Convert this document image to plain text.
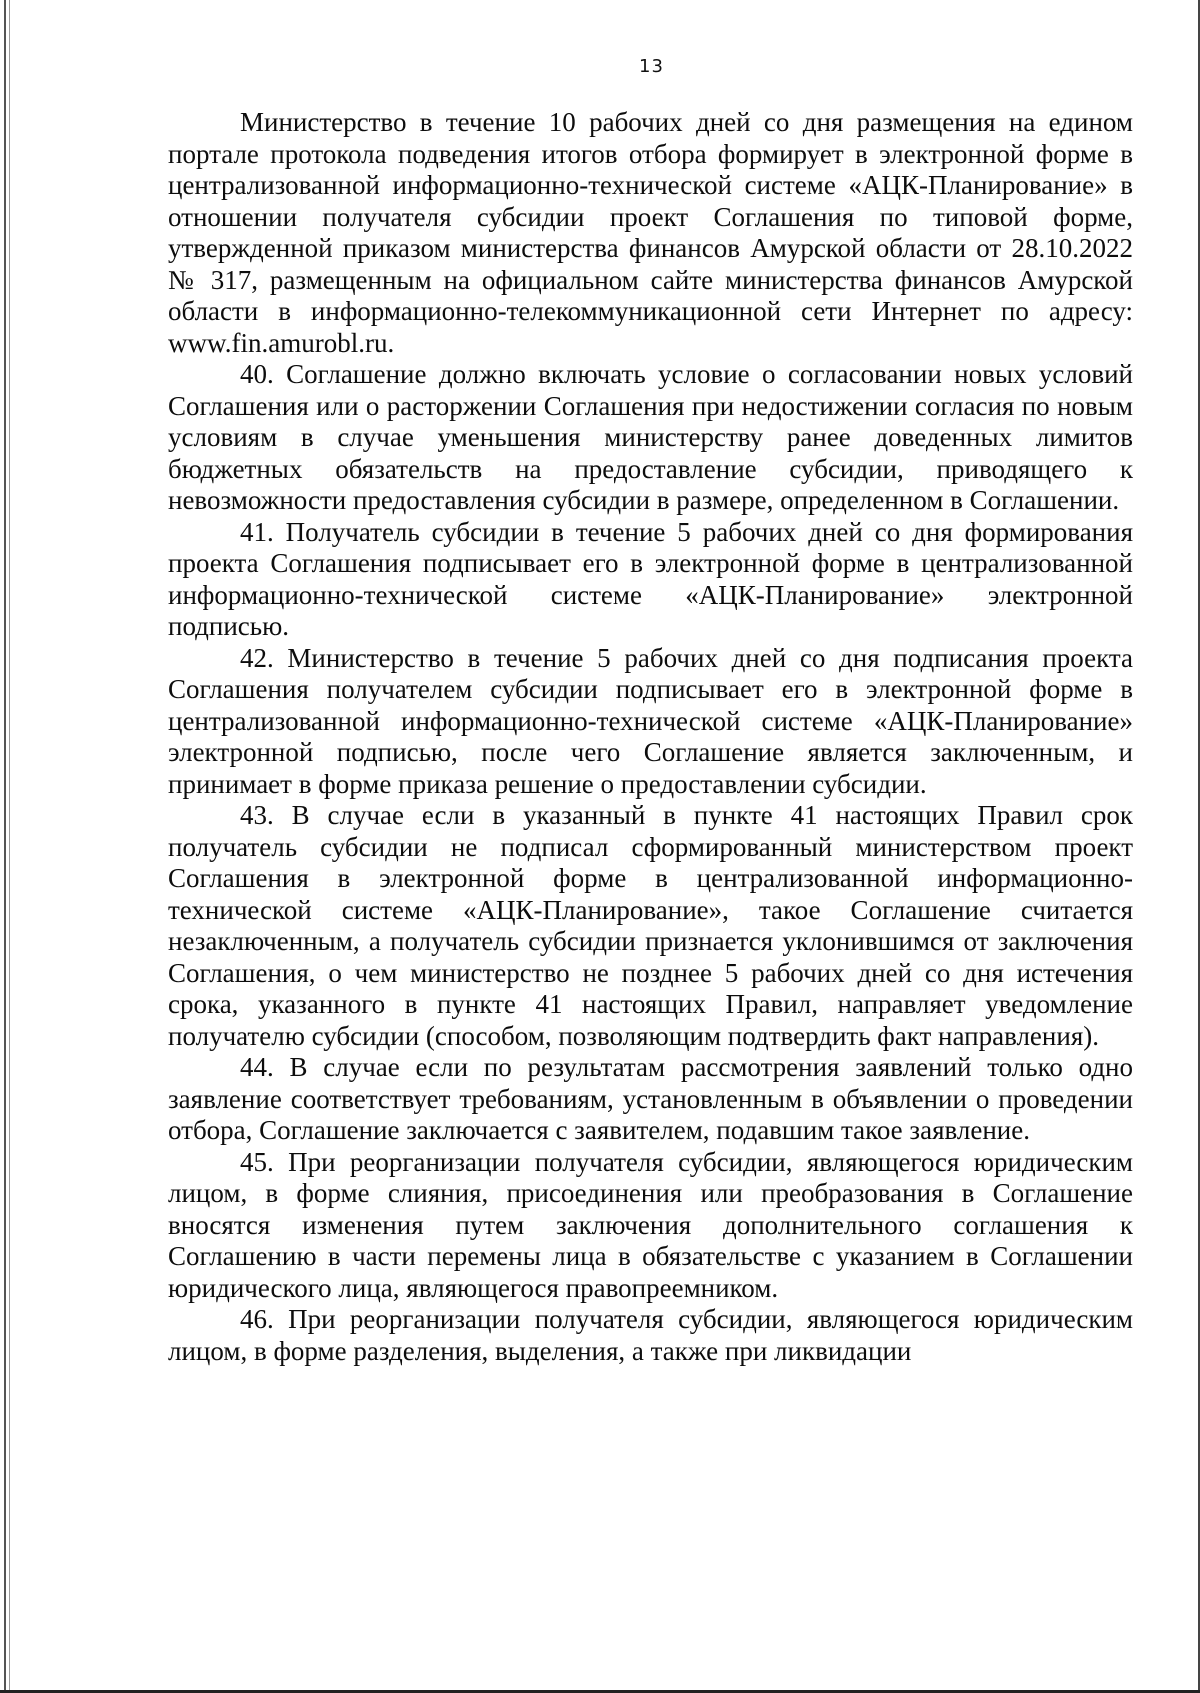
13

Министерство в течение 10 рабочих дней со дня размещения на едином портале протокола подведения итогов отбора формирует в электронной форме в централизованной информационно-технической системе «АЦК-Планирование» в отношении получателя субсидии проект Соглашения по типовой форме, утвержденной приказом министерства финансов Амурской области от 28.10.2022 № 317, размещенным на официальном сайте министерства финансов Амурской области в информационно-телекоммуникационной сети Интернет по адресу: www.fin.amurobl.ru.

40. Соглашение должно включать условие о согласовании новых условий Соглашения или о расторжении Соглашения при недостижении согласия по новым условиям в случае уменьшения министерству ранее доведенных лимитов бюджетных обязательств на предоставление субсидии, приводящего к невозможности предоставления субсидии в размере, определенном в Соглашении.

41. Получатель субсидии в течение 5 рабочих дней со дня формирования проекта Соглашения подписывает его в электронной форме в централизованной информационно-технической системе «АЦК-Планирование» электронной подписью.

42. Министерство в течение 5 рабочих дней со дня подписания проекта Соглашения получателем субсидии подписывает его в электронной форме в централизованной информационно-технической системе «АЦК-Планирование» электронной подписью, после чего Соглашение является заключенным, и принимает в форме приказа решение о предоставлении субсидии.

43. В случае если в указанный в пункте 41 настоящих Правил срок получатель субсидии не подписал сформированный министерством проект Соглашения в электронной форме в централизованной информационно-технической системе «АЦК-Планирование», такое Соглашение считается незаключенным, а получатель субсидии признается уклонившимся от заключения Соглашения, о чем министерство не позднее 5 рабочих дней со дня истечения срока, указанного в пункте 41 настоящих Правил, направляет уведомление получателю субсидии (способом, позволяющим подтвердить факт направления).

44. В случае если по результатам рассмотрения заявлений только одно заявление соответствует требованиям, установленным в объявлении о проведении отбора, Соглашение заключается с заявителем, подавшим такое заявление.

45. При реорганизации получателя субсидии, являющегося юридическим лицом, в форме слияния, присоединения или преобразования в Соглашение вносятся изменения путем заключения дополнительного соглашения к Соглашению в части перемены лица в обязательстве с указанием в Соглашении юридического лица, являющегося правопреемником.

46. При реорганизации получателя субсидии, являющегося юридическим лицом, в форме разделения, выделения, а также при ликвидации
